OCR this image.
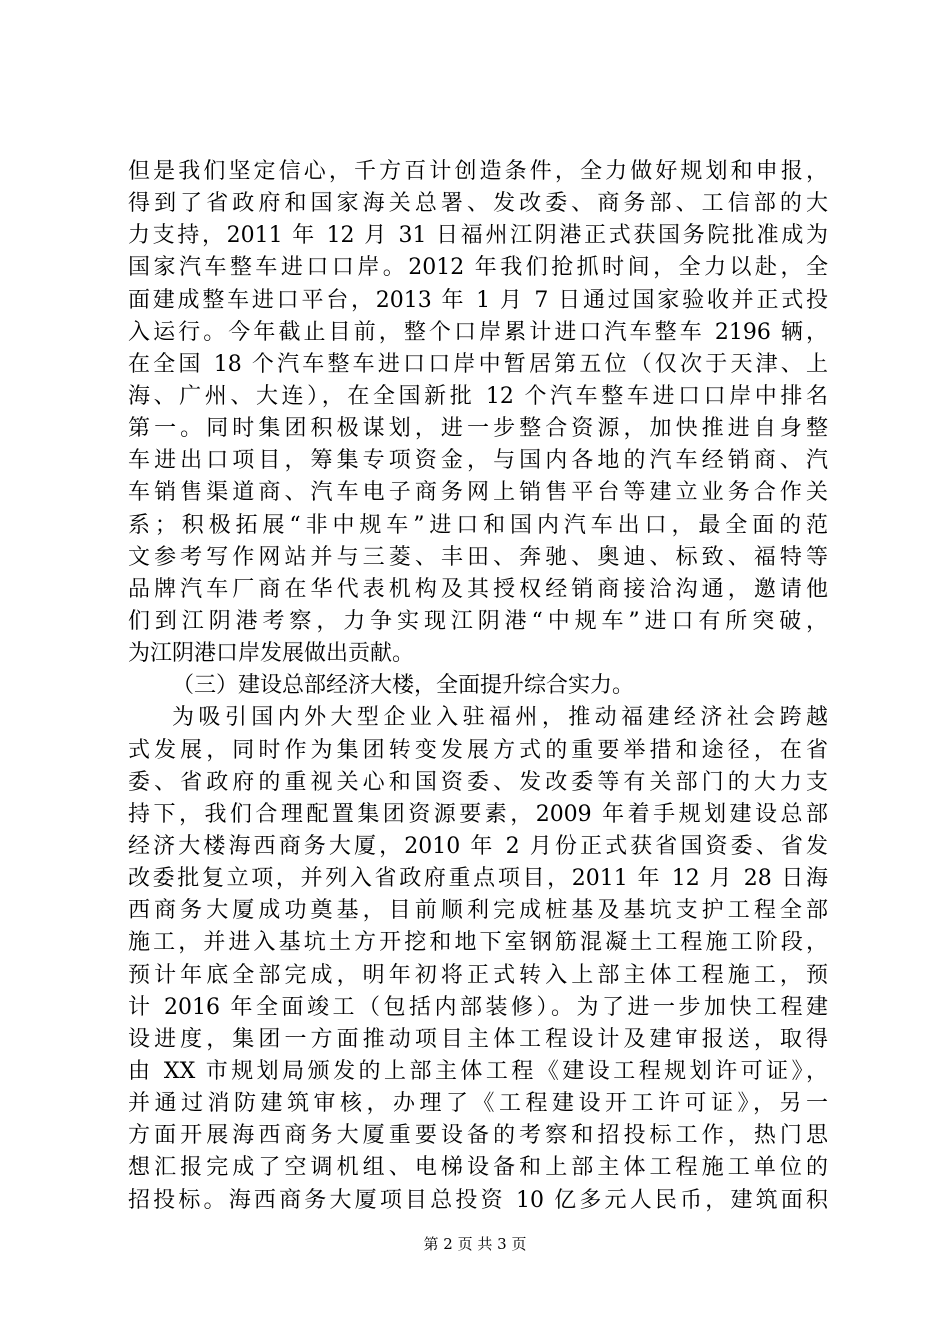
但是我们坚定信心，千方百计创造条件，全力做好规划和申报，
得到了省政府和国家海关总署、发改委、商务部、工信部的大
力支持，2011 年 12 月 31 日福州江阴港正式获国务院批准成为
国家汽车整车进口口岸。2012 年我们抢抓时间，全力以赴，全
面建成整车进口平台，2013 年 1 月 7 日通过国家验收并正式投
入运行。今年截止目前，整个口岸累计进口汽车整车 2196 辆，
在全国 18 个汽车整车进口口岸中暂居第五位（仅次于天津、上
海、广州、大连），在全国新批 12 个汽车整车进口口岸中排名
第一。同时集团积极谋划，进一步整合资源，加快推进自身整
车进出口项目，筹集专项资金，与国内各地的汽车经销商、汽
车销售渠道商、汽车电子商务网上销售平台等建立业务合作关
系；积极拓展“非中规车”进口和国内汽车出口，最全面的范
文参考写作网站并与三菱、丰田、奔驰、奥迪、标致、福特等
品牌汽车厂商在华代表机构及其授权经销商接洽沟通，邀请他
们到江阴港考察，力争实现江阴港“中规车”进口有所突破，
为江阴港口岸发展做出贡献。
（三）建设总部经济大楼，全面提升综合实力。
为吸引国内外大型企业入驻福州，推动福建经济社会跨越
式发展，同时作为集团转变发展方式的重要举措和途径，在省
委、省政府的重视关心和国资委、发改委等有关部门的大力支
持下，我们合理配置集团资源要素，2009 年着手规划建设总部
经济大楼海西商务大厦，2010 年 2 月份正式获省国资委、省发
改委批复立项，并列入省政府重点项目，2011 年 12 月 28 日海
西商务大厦成功奠基，目前顺利完成桩基及基坑支护工程全部
施工，并进入基坑土方开挖和地下室钢筋混凝土工程施工阶段，
预计年底全部完成，明年初将正式转入上部主体工程施工，预
计 2016 年全面竣工（包括内部装修）。为了进一步加快工程建
设进度，集团一方面推动项目主体工程设计及建审报送，取得
由 XX 市规划局颁发的上部主体工程《建设工程规划许可证》，
并通过消防建筑审核，办理了《工程建设开工许可证》，另一
方面开展海西商务大厦重要设备的考察和招投标工作，热门思
想汇报完成了空调机组、电梯设备和上部主体工程施工单位的
招投标。海西商务大厦项目总投资 10 亿多元人民币，建筑面积
第 2 页 共 3 页
